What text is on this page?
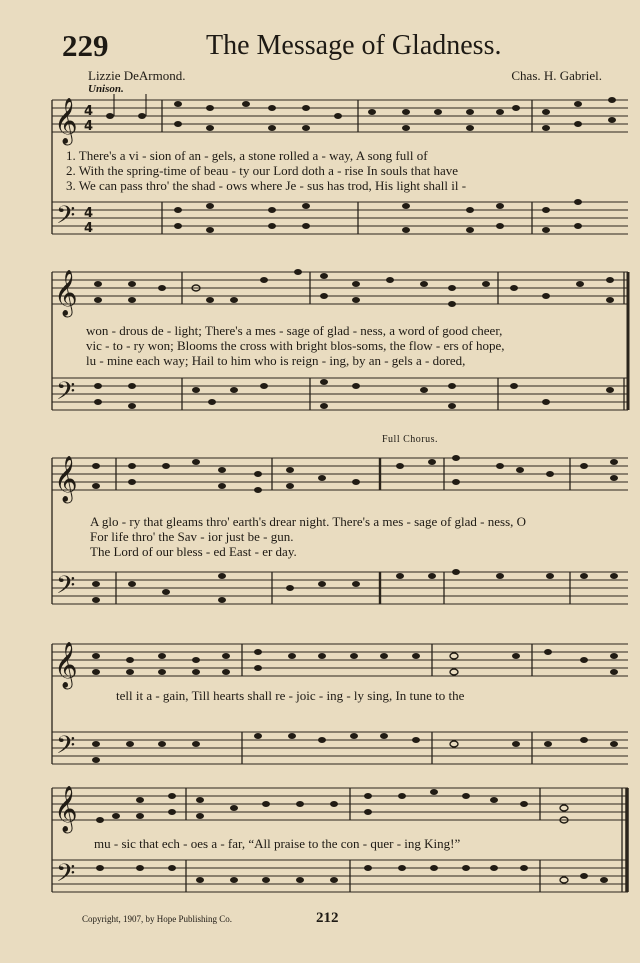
229	The Message of Gladness.
Lizzie DeArmond.	Chas. H. Gabriel.
Unison.
Full Chorus.
𝄞
𝄢
4
4
4
4
1. There's a vi - sion of an - gels, a stone rolled a - way, A song full of
2. With the spring-time of beau - ty our Lord doth a - rise In souls that have
3. We can pass thro' the shad - ows where Je - sus has trod, His light shall il -
𝄞
𝄢
won - drous de - light; There's a mes - sage of glad - ness, a word of good cheer,
vic - to - ry won; Blooms the cross with bright blos-soms, the flow - ers of hope,
lu - mine each way; Hail to him who is reign - ing, by an - gels a - dored,
𝄞
𝄢
A glo - ry that gleams thro' earth's drear night. There's a mes - sage of glad - ness, O
For life thro' the Sav - ior just be - gun.
The Lord of our bless - ed East - er day.
𝄞
𝄢
tell it a - gain, Till hearts shall re - joic - ing - ly sing, In tune to the
𝄞
𝄢
mu - sic that ech - oes a - far, “All praise to the con - quer - ing King!”
Copyright, 1907, by Hope Publishing Co.	212
